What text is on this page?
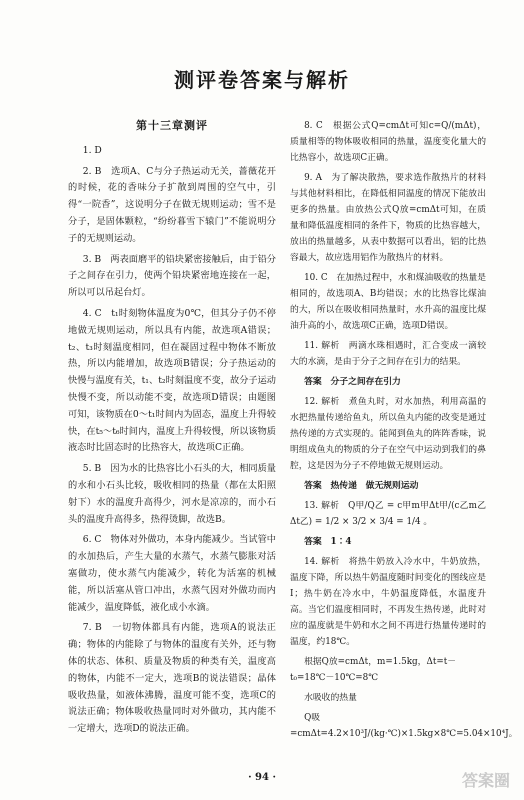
测评卷答案与解析
第十三章测评

1. D

2. B　选项A、C与分子热运动无关，蔷薇花开的时候，花的香味分子扩散到周围的空气中，引得“一院香”，这说明分子在做无规则运动；雪不是分子，是固体颗粒，“纷纷暮雪下辕门”不能说明分子的无规则运动。

3. B　两表面磨平的铅块紧密接触后，由于铅分子之间存在引力，使两个铅块紧密地连接在一起，所以可以吊起台灯。

4. C　t₁时刻物体温度为0℃，但其分子仍不停地做无规则运动，所以具有内能，故选项A错误；t₂、t₃时刻温度相同，但在凝固过程中物体不断放热，所以内能增加，故选项B错误；分子热运动的快慢与温度有关，t₁、t₂时刻温度不变，故分子运动快慢不变，所以动能不变，故选项D错误；由题图可知，该物质在0～t₁时间内为固态，温度上升得较快，在t₅～t₆时间内，温度上升得较慢，所以该物质液态时比固态时的比热容大，故选项C正确。

5. B　因为水的比热容比小石头的大，相同质量的水和小石头比较，吸收相同的热量（都在太阳照射下）水的温度升高得少，河水是凉凉的，而小石头的温度升高得多，热得烫脚，故选B。

6. C　物体对外做功，本身内能减少。当试管中的水加热后，产生大量的水蒸气，水蒸气膨胀对活塞做功，使水蒸气内能减少，转化为活塞的机械能，所以活塞从管口冲出，水蒸气因对外做功而内能减少，温度降低，液化成小水滴。

7. B　一切物体都具有内能，选项A的说法正确；物体的内能除了与物体的温度有关外，还与物体的状态、体积、质量及物质的种类有关，温度高的物体，内能不一定大，选项B的说法错误；晶体吸收热量，如液体沸腾，温度可能不变，选项C的说法正确；物体吸收热量同时对外做功，其内能不一定增大，选项D的说法正确。

8. C　根据公式Q=cmΔt可知c=Q/(mΔt)，质量相等的物体吸收相同的热量，温度变化量大的比热容小，故选项C正确。

9. A　为了解决散热，要求选作散热片的材料与其他材料相比，在降低相同温度的情况下能放出更多的热量。由放热公式Q放=cmΔt可知，在质量和降低温度相同的条件下，物质的比热容越大，放出的热量越多，从表中数据可以看出，铝的比热容最大，故应选用铝作为散热片的材料。

10. C　在加热过程中，水和煤油吸收的热量是相同的，故选项A、B均错误；水的比热容比煤油的大，所以在吸收相同热量时，水升高的温度比煤油升高的小，故选项C正确，选项D错误。

11. 解析　两滴水珠相遇时，汇合变成一滴较大的水滴，是由于分子之间存在引力的结果。

答案　分子之间存在引力

12. 解析　煮鱼丸时，对水加热，利用高温的水把热量传递给鱼丸，所以鱼丸内能的改变是通过热传递的方式实现的。能闻到鱼丸的阵阵香味，说明组成鱼丸的物质的分子在空气中运动到我们的鼻腔，这是因为分子不停地做无规则运动。

答案　热传递　做无规则运动

13. 解析　Q甲/Q乙 = c甲m甲Δt甲/(c乙m乙Δt乙) = 1/2 × 3/2 × 3/4 = 1/4 。

答案　1∶4

14. 解析　将热牛奶放入冷水中，牛奶放热，温度下降，所以热牛奶温度随时间变化的图线应是Ⅰ；热牛奶在冷水中，牛奶温度降低，水温度升高。当它们温度相同时，不再发生热传递，此时对应的温度就是牛奶和水之间不再进行热量传递时的温度，约18℃。

根据Q放=cmΔt，m=1.5kg，Δt=t－t₀=18℃－10℃=8℃

水吸收的热量

Q吸=cmΔt=4.2×10³J/(kg·℃)×1.5kg×8℃=5.04×10⁴J。

· 94 ·	答案圈
